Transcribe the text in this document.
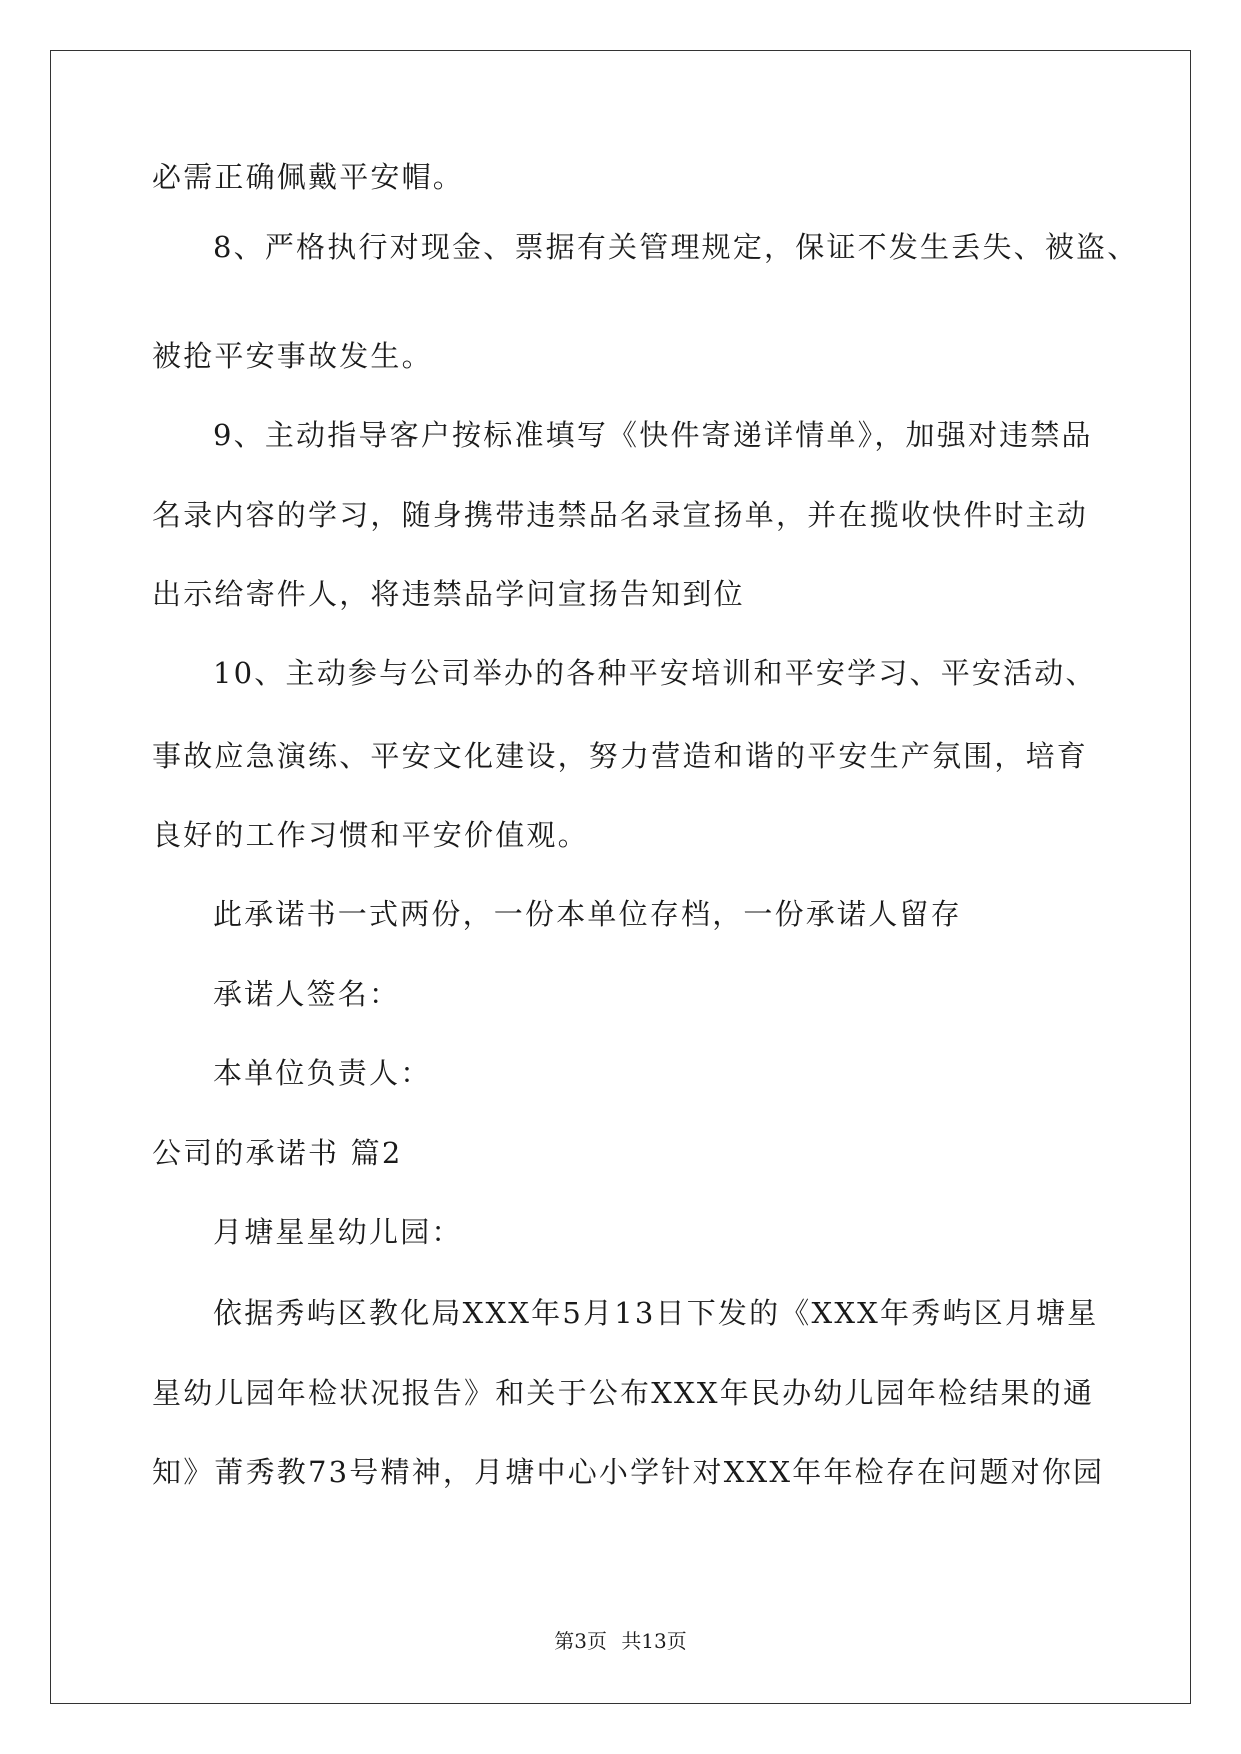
必需正确佩戴平安帽。
8、严格执行对现金、票据有关管理规定，保证不发生丢失、被盗、
被抢平安事故发生。
9、主动指导客户按标准填写《快件寄递详情单》，加强对违禁品
名录内容的学习，随身携带违禁品名录宣扬单，并在揽收快件时主动
出示给寄件人，将违禁品学问宣扬告知到位
10、主动参与公司举办的各种平安培训和平安学习、平安活动、
事故应急演练、平安文化建设，努力营造和谐的平安生产氛围，培育
良好的工作习惯和平安价值观。
此承诺书一式两份，一份本单位存档，一份承诺人留存
承诺人签名：
本单位负责人：
公司的承诺书 篇2
月塘星星幼儿园：
依据秀屿区教化局XXX年5月13日下发的《XXX年秀屿区月塘星
星幼儿园年检状况报告》和关于公布XXX年民办幼儿园年检结果的通
知》莆秀教73号精神，月塘中心小学针对XXX年年检存在问题对你园
第3页 共13页
